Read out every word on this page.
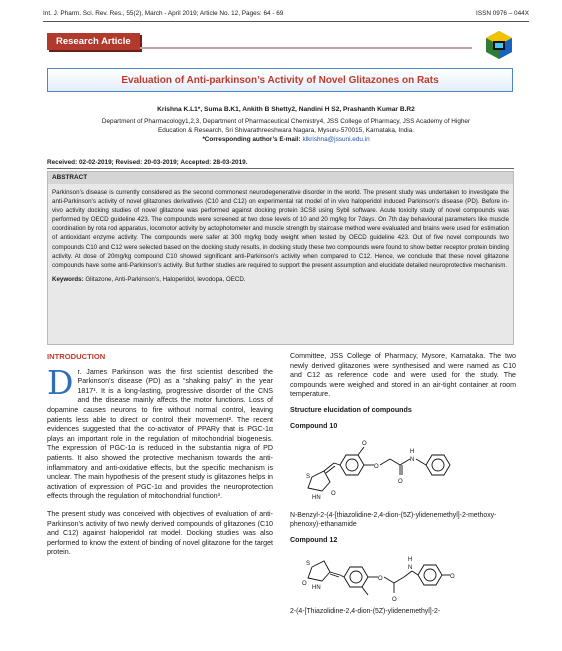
Int. J. Pharm. Sci. Rev. Res., 55(2), March - April 2019; Article No. 12, Pages: 64 - 69	ISSN 0976 – 044X
Research Article
Evaluation of Anti-parkinson’s Activity of Novel Glitazones on Rats
Krishna K.L1*, Suma B.K1, Ankith B Shetty2, Nandini H S2, Prashanth Kumar B.R2
Department of Pharmacology1,2,3, Department of Pharmaceutical Chemistry4, JSS College of Pharmacy, JSS Academy of Higher
Education & Research, Sri Shivarathreeshwara Nagara, Mysuru-570015, Karnataka, India.
*Corresponding author’s E-mail: klkrishna@jssuni.edu.in
Received: 02-02-2019; Revised: 20-03-2019; Accepted: 28-03-2019.
ABSTRACT
Parkinson’s disease is currently considered as the second commonest neurodegenerative disorder in the world. The present study was undertaken to investigate the anti-Parkinson’s activity of novel glitazones derivatives (C10 and C12) on experimental rat model of in vivo haloperidol induced Parkinson’s disease (PD). Before in-vivo activity docking studies of novel glitazone was performed against docking protein 3CS8 using Sybil software. Acute toxicity study of novel compounds was performed by OECD guideline 423. The compounds were screened at two dose levels of 10 and 20 mg/kg for 7days. On 7th day behavioural parameters like muscle coordination by rota rod apparatus, locomotor activity by actophotometer and muscle strength by staircase method were evaluated and brains were used for estimation of antioxidant enzyme activity. The compounds were safer at 300 mg/kg body weight when tested by OECD guideline 423. Out of five novel compounds two compounds C10 and C12 were selected based on the docking study results, in docking study these two compounds were found to show better receptor protein binding activity. At dose of 20mg/kg compound C10 showed significant anti-Parkinson’s activity when compared to C12. Hence, we conclude that these novel glitazone compounds have some anti-Parkinson’s activity. But further studies are required to support the present assumption and elucidate detailed neuroprotective mechanism.
Keywords: Glitazone, Anti-Parkinson’s, Haloperidol, levodopa, OECD.
INTRODUCTION
Dr. James Parkinson was the first scientist described the Parkinson’s disease (PD) as a “shaking palsy” in the year 1817¹. It is a long-lasting, progressive disorder of the CNS and the disease mainly affects the motor functions. Loss of dopamine causes neurons to fire without normal control, leaving patients less able to direct or control their movement². The recent evidences suggested that the co-activator of PPARγ that is PGC-1α plays an important role in the regulation of mitochondrial biogenesis. The expression of PGC-1α is reduced in the substantia nigra of PD patients. It also showed the protective mechanism towards the anti-inflammatory and anti-oxidative effects, but the specific mechanism is unclear. The main hypothesis of the present study is glitazones helps in activation of expression of PGC-1α and provides the neuroprotection effects through the regulation of mitochondrial function³.
The present study was conceived with objectives of evaluation of anti-Parkinson’s activity of two newly derived compounds of glitazones (C10 and C12) against haloperidol rat model. Docking studies was also performed to know the extent of binding of novel glitazone for the target protein.
Committee, JSS College of Pharmacy, Mysore, Karnataka. The two newly derived glitazones were synthesised and were named as C10 and C12 as reference code and were used for the study. The compounds were weighed and stored in an air-tight container at room temperature.
Structure elucidation of compounds
Compound 10
S
HN
O
O
O
O
N
H
N-Benzyl-2-(4-[thiazolidine-2,4-dion-(5Z)-ylidenemethyl]-2-methoxy-phenoxy)-ethanamide
Compound 12
S
O
HN
O
O
N
H
O
2-(4-[Thiazolidine-2,4-dion-(5Z)-ylidenemethyl]-2-
